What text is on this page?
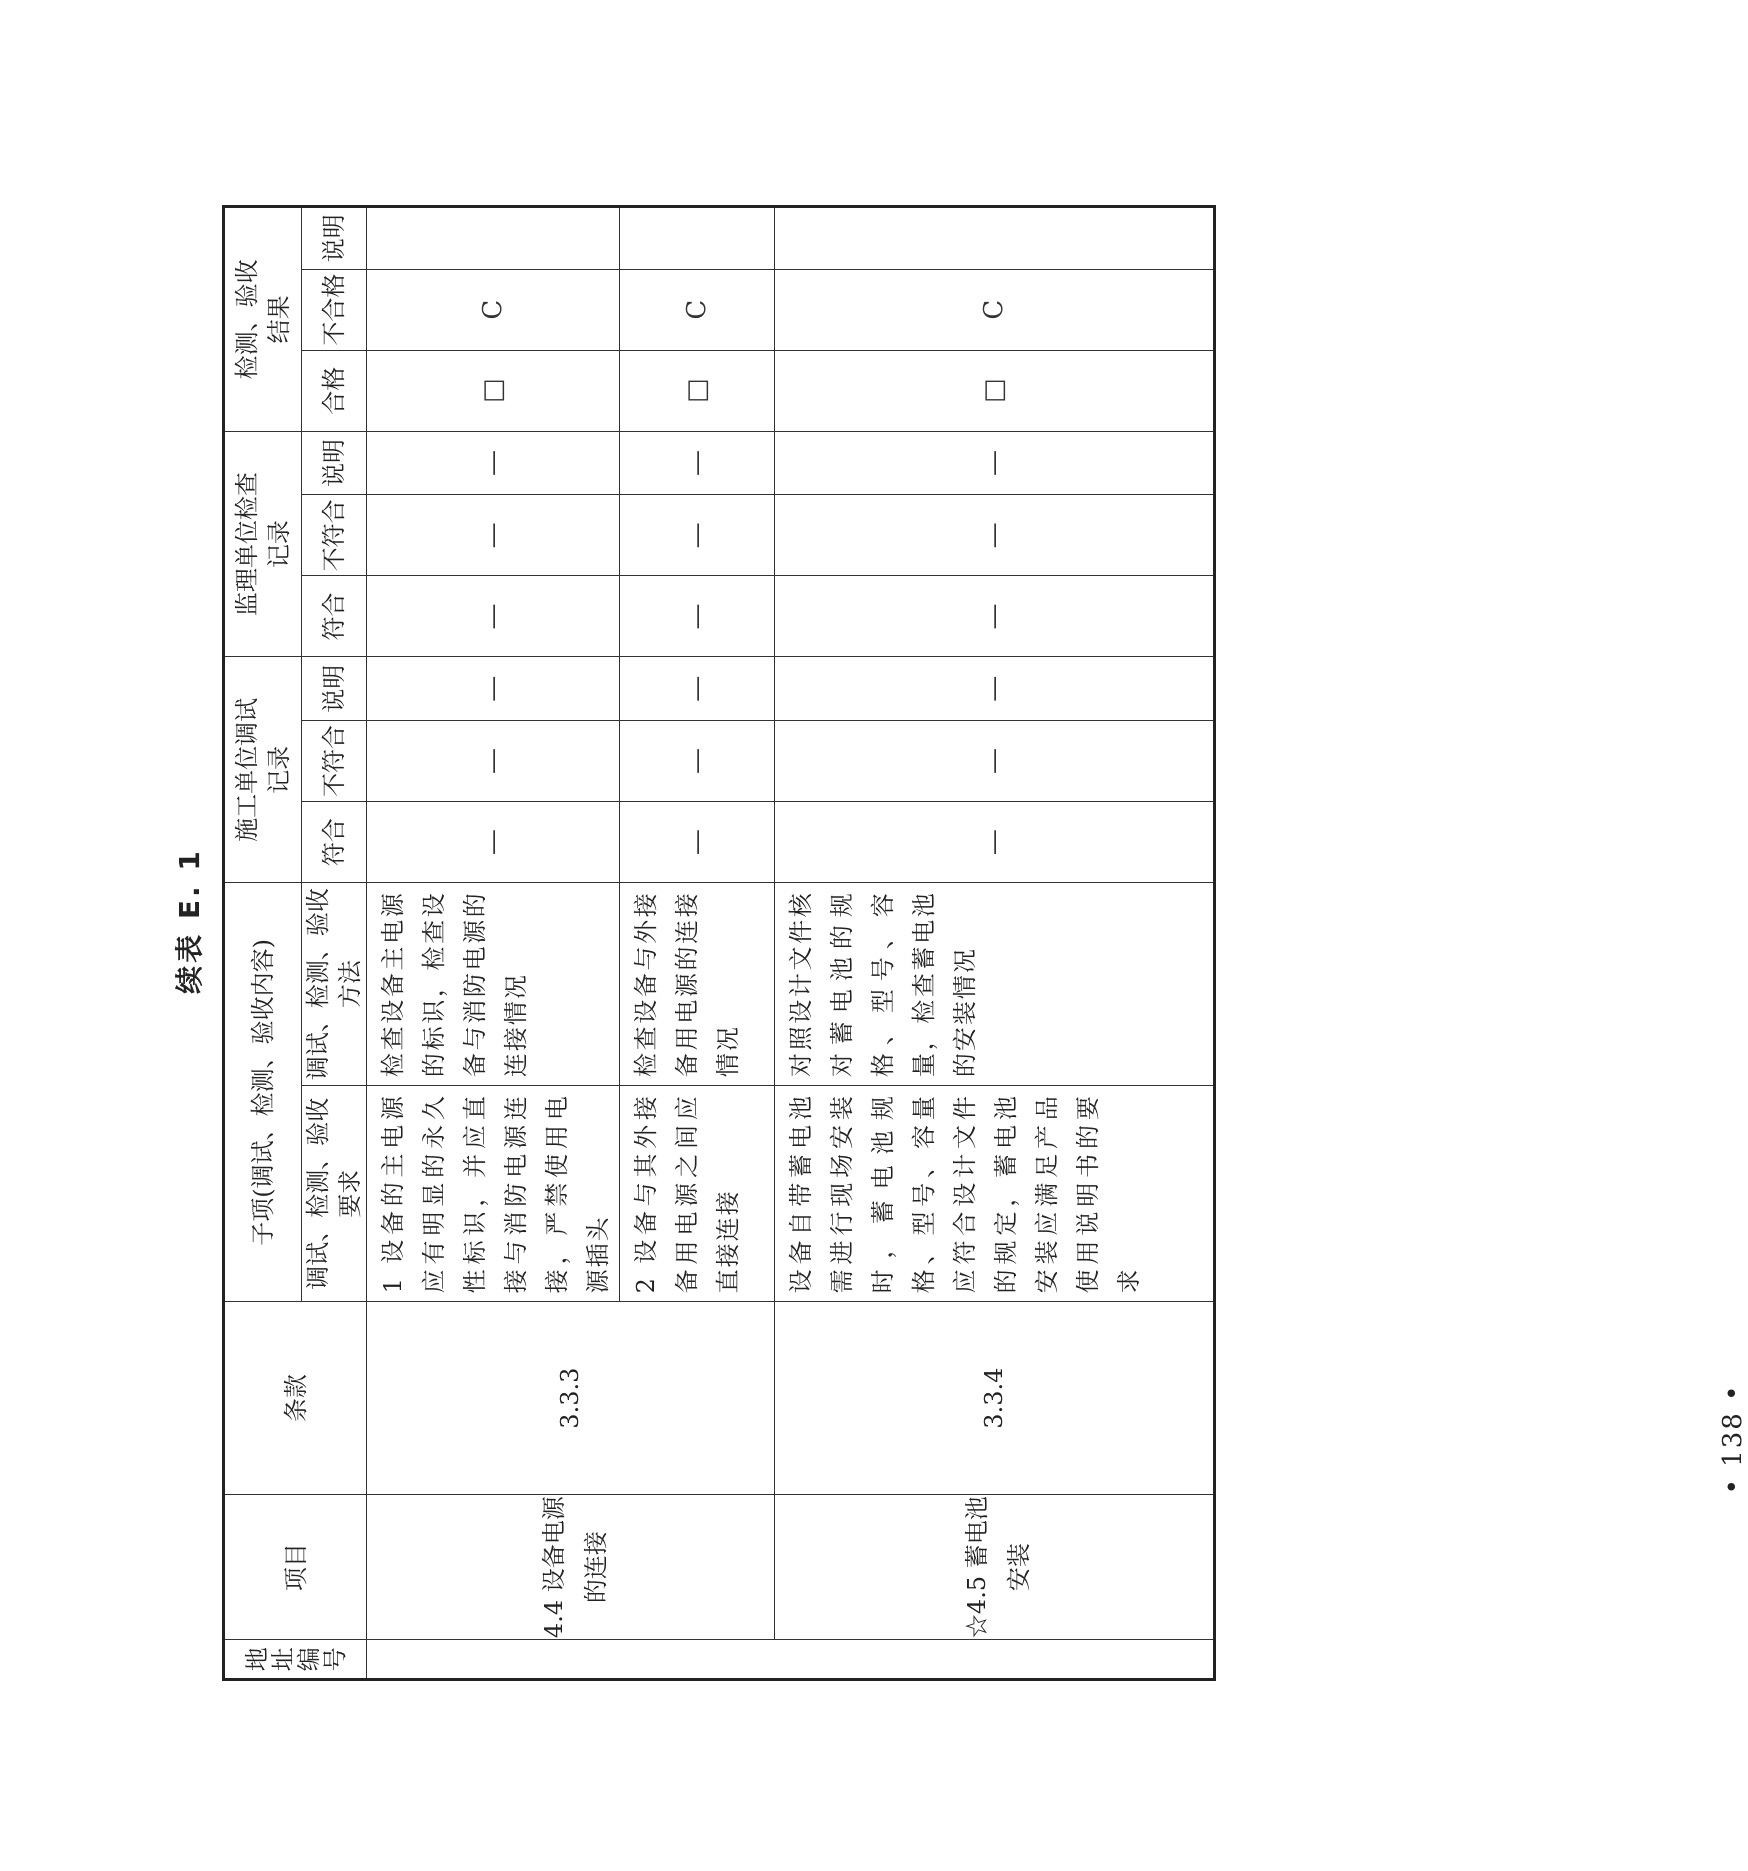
续表 E. 1
地址编号	项目	条款	子项(调试、检测、验收内容)		施工单位调试记录			监理单位检查记录			检测、验收结果		
			调试、检测、验收要求	调试、检测、验收方法	符合	不符合	说明	符合	不符合	说明	合格	不合格	说明

	4.4 设备电源的连接	3.3.3	1 设备的主电源应有明显的永久性标识，并应直接与消防电源连接，严禁使用电源插头	检查设备主电源的标识，检查设备与消防电源的连接情况	—	—	—	—	—	—	□	C	

			2 设备与其外接备用电源之间应直接连接	检查设备与外接备用电源的连接情况	—	—	—	—	—	—	□	C	

	☆4.5 蓄电池安装	3.3.4	设备自带蓄电池需进行现场安装时，蓄电池规格、型号、容量应符合设计文件的规定，蓄电池安装应满足产品使用说明书的要求	对照设计文件核对蓄电池的规格、型号、容量，检查蓄电池的安装情况	—	—	—	—	—	—	□	C	
• 138 •
